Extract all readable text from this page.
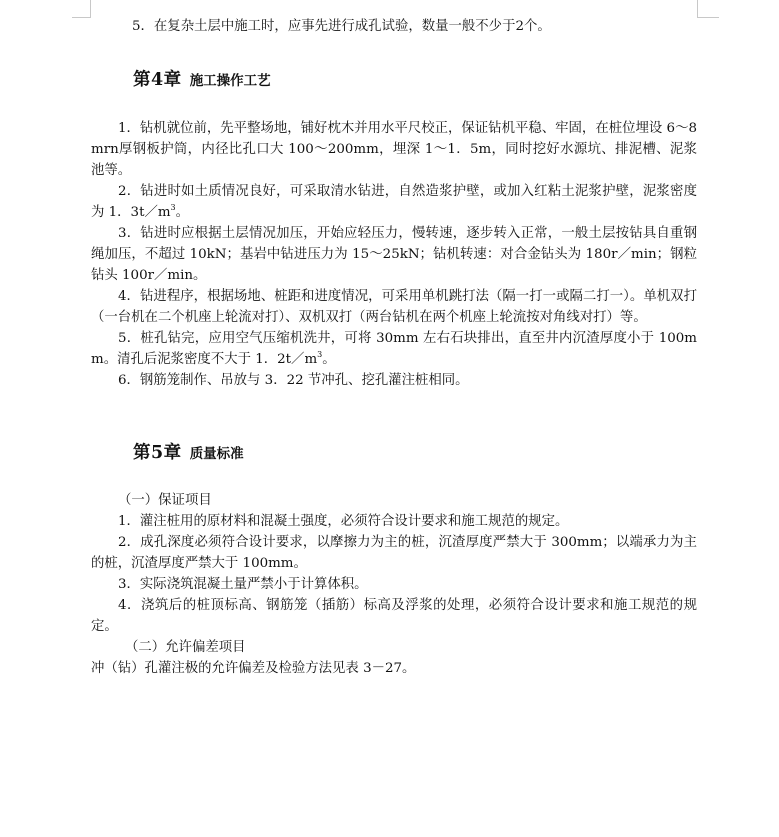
5．在复杂土层中施工时，应事先进行成孔试验，数量一般不少于2个。

第4章 施工操作工艺

1．钻机就位前，先平整场地，铺好枕木并用水平尺校正，保证钻机平稳、牢固，在桩位埋设 6～8mrn厚钢板护筒，内径比孔口大 100～200mm，埋深 1～1．5m，同时挖好水源坑、排泥槽、泥浆池等。

2．钻进时如土质情况良好，可采取清水钻进，自然造浆护壁，或加入红粘土泥浆护壁，泥浆密度为 1．$3t/m^3$。

3．钻进时应根据土层情况加压，开始应轻压力，慢转速，逐步转入正常，一般土层按钻具自重钢绳加压，不超过 10kN；基岩中钻进压力为 15～25kN；钻机转速：对合金钻头为 180r／min；钢粒钻头 100r／min。

4．钻进程序，根据场地、桩距和进度情况，可采用单机跳打法（隔一打一或隔二打一）。单机双打（一台机在二个机座上轮流对打）、双机双打（两台钻机在两个机座上轮流按对角线对打）等。

5．桩孔钻完，应用空气压缩机洗井，可将 30mm 左右石块排出，直至井内沉渣厚度小于 100mm。清孔后泥浆密度不大于 1．$2t/m^3$。

6．钢筋笼制作、吊放与 3．22 节冲孔、挖孔灌注桩相同。

第5章 质量标准

（一）保证项目

1．灌注桩用的原材料和混凝土强度，必须符合设计要求和施工规范的规定。

2．成孔深度必须符合设计要求，以摩擦力为主的桩，沉渣厚度严禁大于 300mm；以端承力为主的桩，沉渣厚度严禁大于 100mm。

3．实际浇筑混凝土量严禁小于计算体积。

4．浇筑后的桩顶标高、钢筋笼（插筋）标高及浮浆的处理，必须符合设计要求和施工规范的规定。

（二）允许偏差项目

冲（钻）孔灌注极的允许偏差及检验方法见表 3－27。
